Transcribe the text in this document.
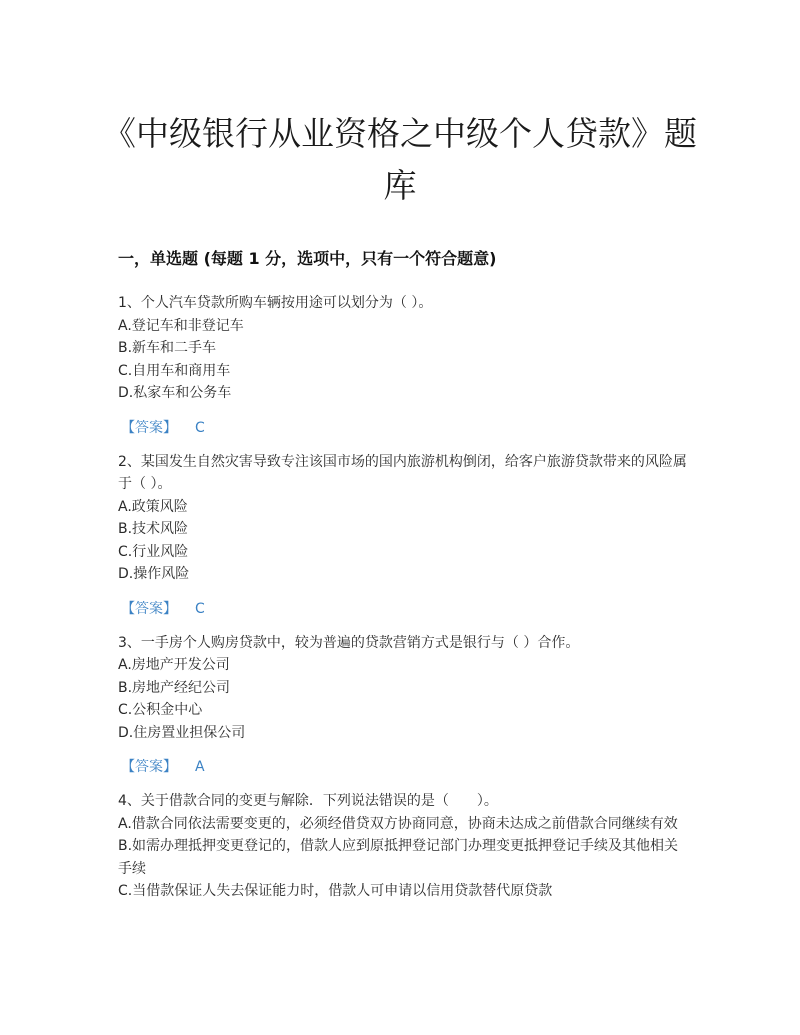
《中级银行从业资格之中级个人贷款》题库
一，单选题 (每题 1 分，选项中，只有一个符合题意)

1、个人汽车贷款所购车辆按用途可以划分为（ ）。

A.登记车和非登记车

B.新车和二手车

C.自用车和商用车

D.私家车和公务车

【答案】 C

2、某国发生自然灾害导致专注该国市场的国内旅游机构倒闭，给客户旅游贷款带来的风险属于（ ）。

A.政策风险

B.技术风险

C.行业风险

D.操作风险

【答案】 C

3、一手房个人购房贷款中，较为普遍的贷款营销方式是银行与（ ）合作。

A.房地产开发公司

B.房地产经纪公司

C.公积金中心

D.住房置业担保公司

【答案】 A

4、关于借款合同的变更与解除．下列说法错误的是（　　）。

A.借款合同依法需要变更的，必须经借贷双方协商同意，协商未达成之前借款合同继续有效

B.如需办理抵押变更登记的，借款人应到原抵押登记部门办理变更抵押登记手续及其他相关手续

C.当借款保证人失去保证能力时，借款人可申请以信用贷款替代原贷款
